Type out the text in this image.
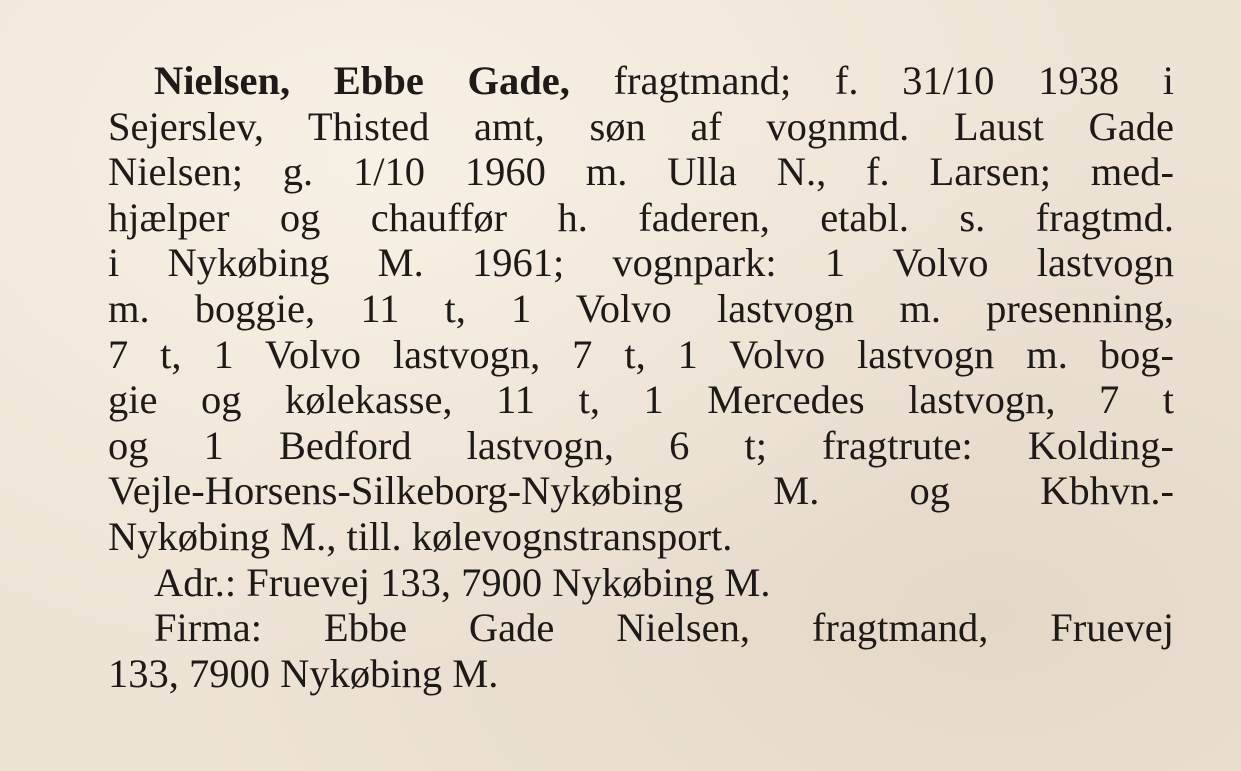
Nielsen, Ebbe Gade, fragtmand; f. 31/10 1938 i
Sejerslev, Thisted amt, søn af vognmd. Laust Gade
Nielsen; g. 1/10 1960 m. Ulla N., f. Larsen; med-
hjælper og chauffør h. faderen, etabl. s. fragtmd.
i Nykøbing M. 1961; vognpark: 1 Volvo lastvogn
m. boggie, 11 t, 1 Volvo lastvogn m. presenning,
7 t, 1 Volvo lastvogn, 7 t, 1 Volvo lastvogn m. bog-
gie og kølekasse, 11 t, 1 Mercedes lastvogn, 7 t
og 1 Bedford lastvogn, 6 t; fragtrute: Kolding-
Vejle-Horsens-Silkeborg-Nykøbing M. og Kbhvn.-
Nykøbing M., till. kølevognstransport.
Adr.: Fruevej 133, 7900 Nykøbing M.
Firma: Ebbe Gade Nielsen, fragtmand, Fruevej
133, 7900 Nykøbing M.
